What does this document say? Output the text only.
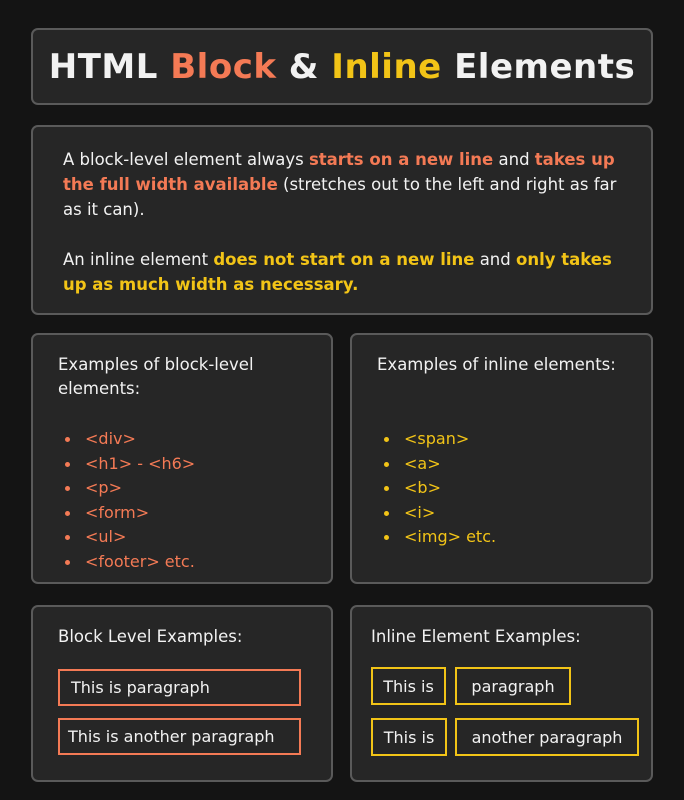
HTML Block & Inline Elements

A block-level element always starts on a new line and takes up the full width available (stretches out to the left and right as far as it can).

An inline element does not start on a new line and only takes up as much width as necessary.

Examples of block-level elements:
<div>
<h1> - <h6>
<p>
<form>
<ul>
<footer> etc.
Examples of inline elements:
<span>
<a>
<b>
<i>
<img> etc.
Block Level Examples:
This is paragraph
This is another paragraph
Inline Element Examples:
This is	paragraph
This is	another paragraph
